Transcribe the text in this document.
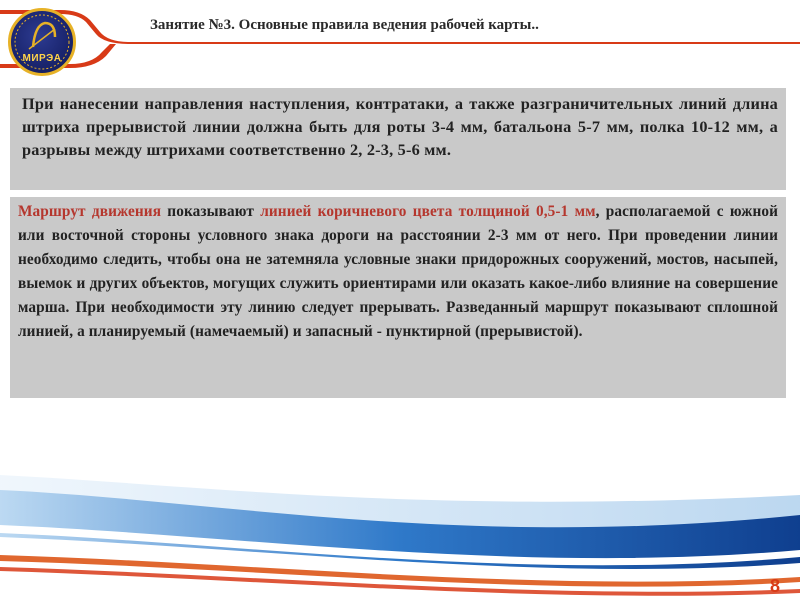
МИРЭА
Занятие №3. Основные правила ведения рабочей карты..
При нанесении направления наступления, контратаки, а также разграничительных линий длина штриха прерывистой линии должна быть для роты 3-4 мм, батальона 5-7 мм, полка 10-12 мм, а разрывы между штрихами соответственно 2, 2-3, 5-6 мм.
Маршрут движения показывают линией коричневого цвета толщиной 0,5-1 мм, располагаемой с южной или восточной стороны условного знака дороги на расстоянии 2-3 мм от него. При проведении линии необходимо следить, чтобы она не затемняла условные знаки придорожных сооружений, мостов, насыпей, выемок и других объектов, могущих служить ориентирами или оказать какое-либо влияние на совершение марша. При необходимости эту линию следует прерывать. Разведанный маршрут показывают сплошной линией, а планируемый (намечаемый) и запасный - пунктирной (прерывистой).
8
